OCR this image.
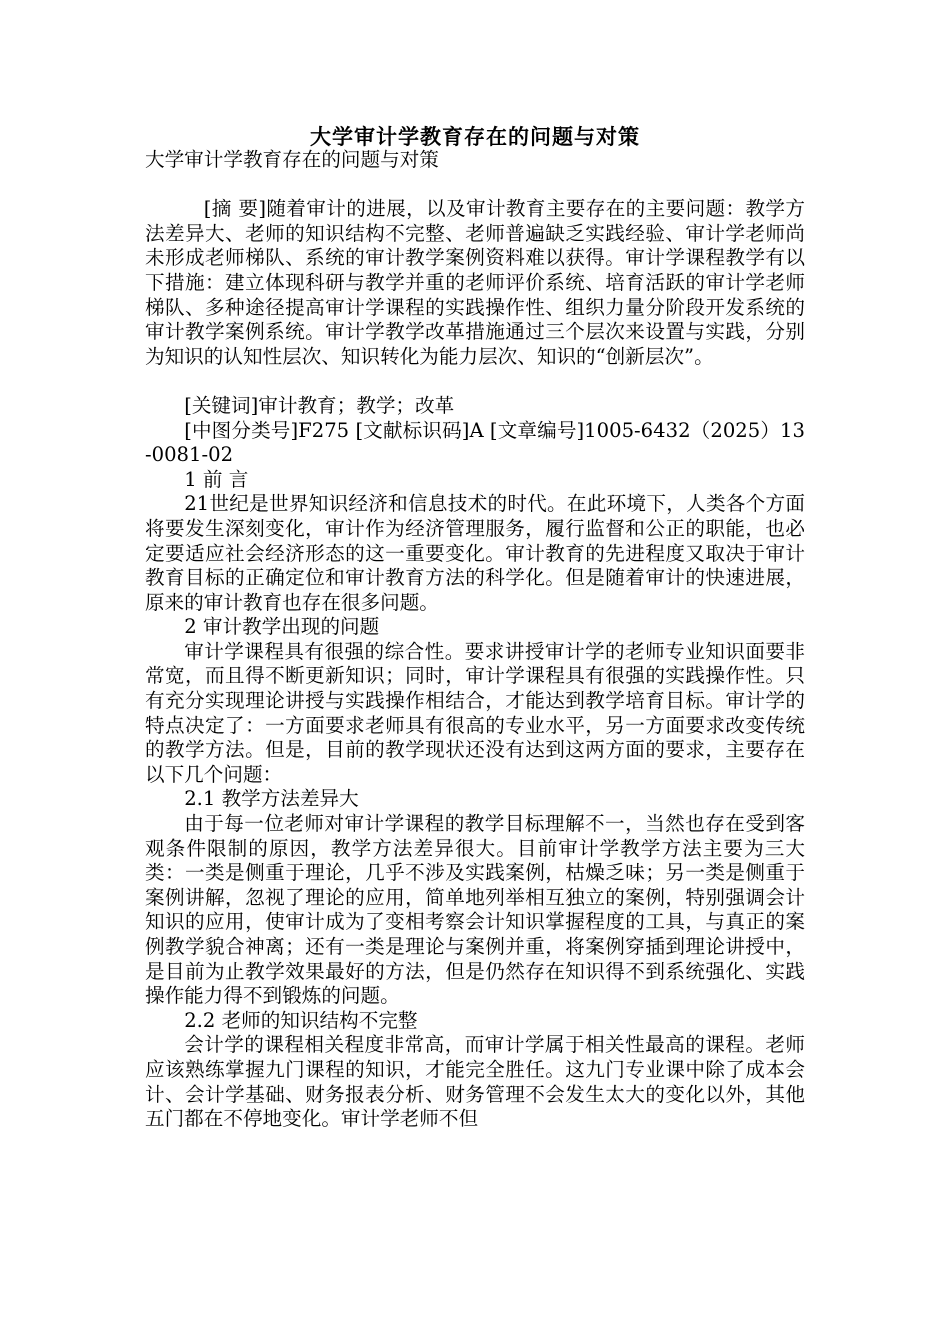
大学审计学教育存在的问题与对策

大学审计学教育存在的问题与对策

[摘 要]随着审计的进展，以及审计教育主要存在的主要问题：教学方法差异大、老师的知识结构不完整、老师普遍缺乏实践经验、审计学老师尚未形成老师梯队、系统的审计教学案例资料难以获得。审计学课程教学有以下措施：建立体现科研与教学并重的老师评价系统、培育活跃的审计学老师梯队、多种途径提高审计学课程的实践操作性、组织力量分阶段开发系统的审计教学案例系统。审计学教学改革措施通过三个层次来设置与实践，分别为知识的认知性层次、知识转化为能力层次、知识的“创新层次”。

[关键词]审计教育；教学；改革

[中图分类号]F275 [文献标识码]A [文章编号]1005-6432（2025）13-0081-02

1 前 言

21世纪是世界知识经济和信息技术的时代。在此环境下，人类各个方面将要发生深刻变化，审计作为经济管理服务，履行监督和公正的职能，也必定要适应社会经济形态的这一重要变化。审计教育的先进程度又取决于审计教育目标的正确定位和审计教育方法的科学化。但是随着审计的快速进展，原来的审计教育也存在很多问题。

2 审计教学出现的问题

审计学课程具有很强的综合性。要求讲授审计学的老师专业知识面要非常宽，而且得不断更新知识；同时，审计学课程具有很强的实践操作性。只有充分实现理论讲授与实践操作相结合，才能达到教学培育目标。审计学的特点决定了：一方面要求老师具有很高的专业水平，另一方面要求改变传统的教学方法。但是，目前的教学现状还没有达到这两方面的要求，主要存在以下几个问题：

2.1 教学方法差异大

由于每一位老师对审计学课程的教学目标理解不一，当然也存在受到客观条件限制的原因，教学方法差异很大。目前审计学教学方法主要为三大类：一类是侧重于理论，几乎不涉及实践案例，枯燥乏味；另一类是侧重于案例讲解，忽视了理论的应用，简单地列举相互独立的案例，特别强调会计知识的应用，使审计成为了变相考察会计知识掌握程度的工具，与真正的案例教学貌合神离；还有一类是理论与案例并重，将案例穿插到理论讲授中，是目前为止教学效果最好的方法，但是仍然存在知识得不到系统强化、实践操作能力得不到锻炼的问题。

2.2 老师的知识结构不完整

会计学的课程相关程度非常高，而审计学属于相关性最高的课程。老师应该熟练掌握九门课程的知识，才能完全胜任。这九门专业课中除了成本会计、会计学基础、财务报表分析、财务管理不会发生太大的变化以外，其他五门都在不停地变化。审计学老师不但
